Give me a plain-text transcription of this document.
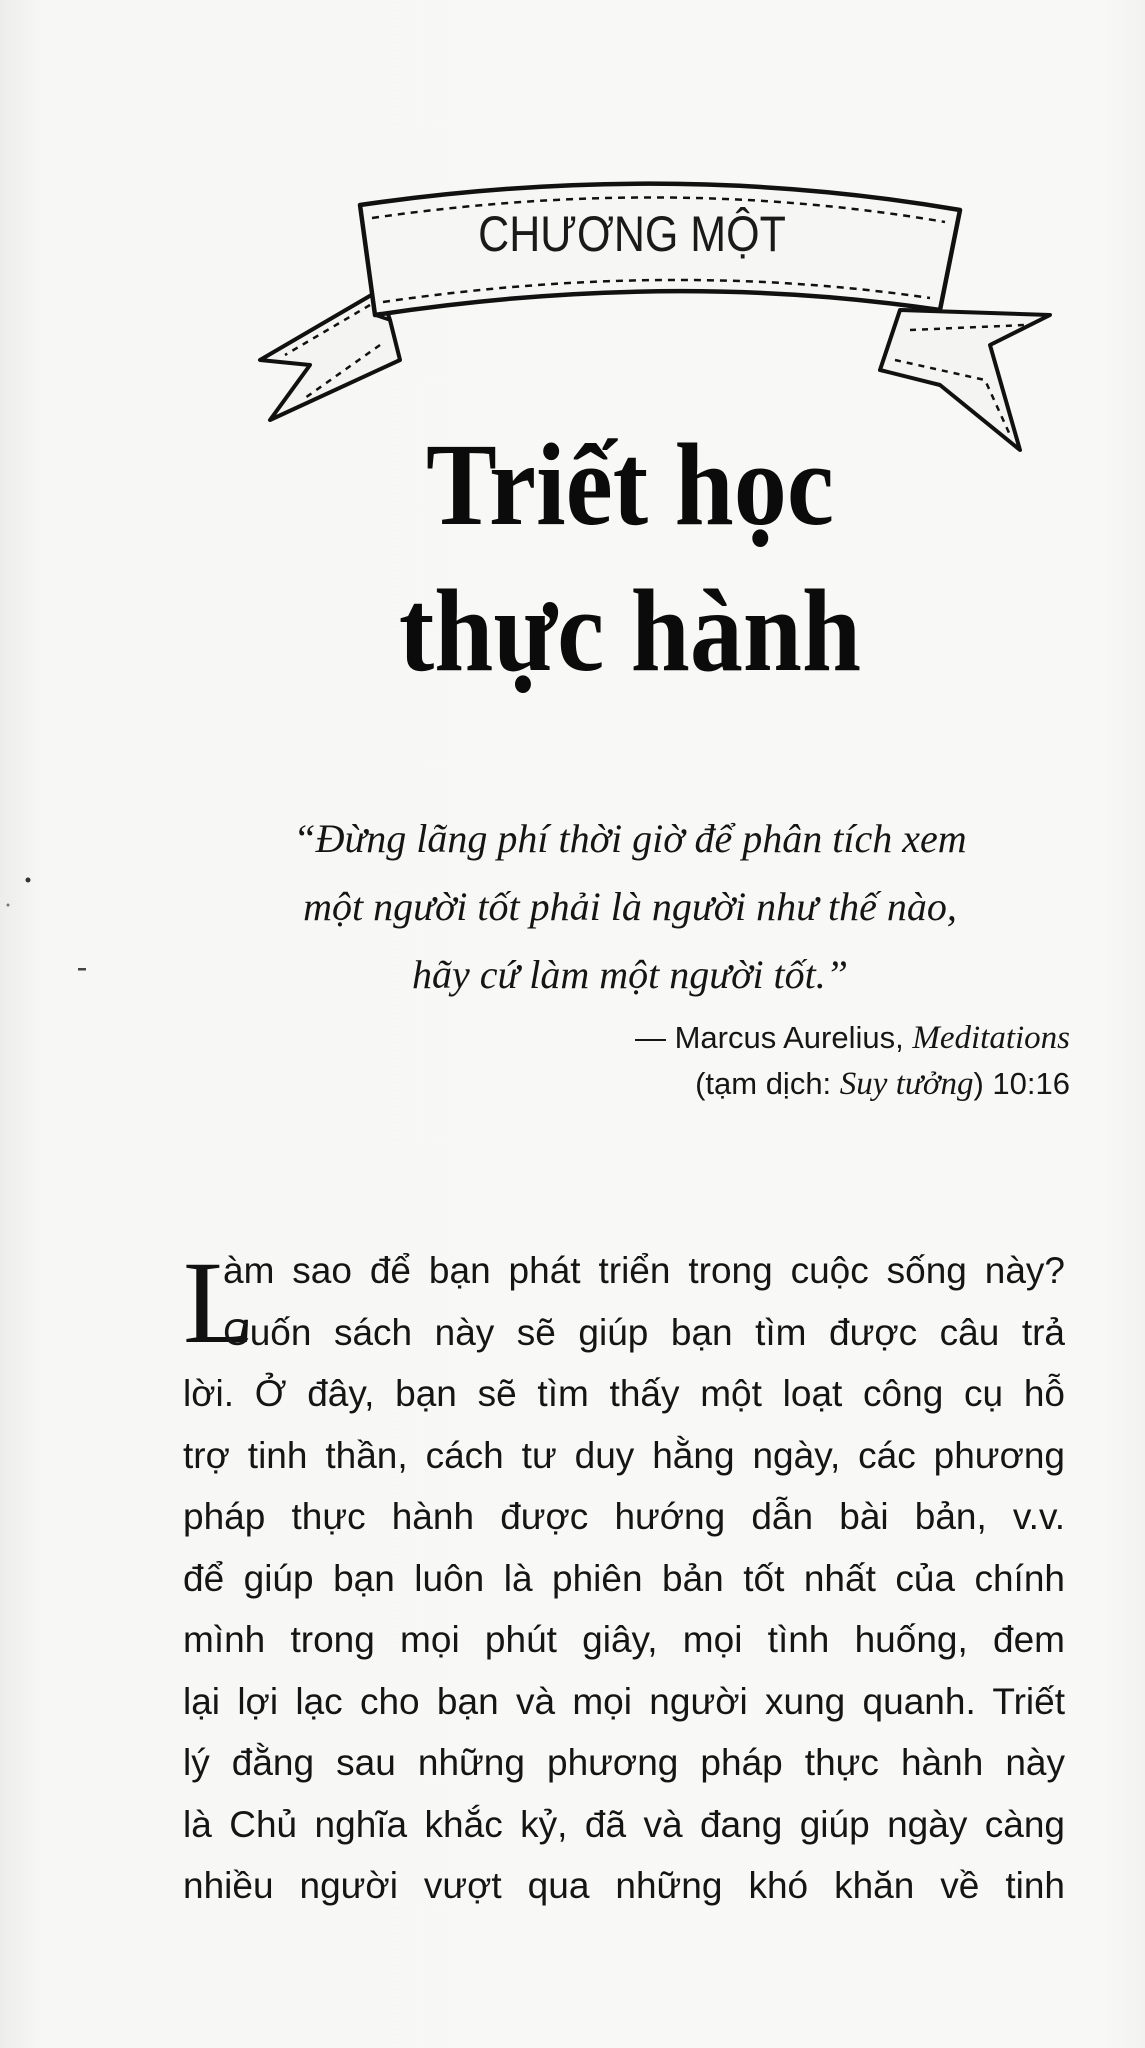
CHƯƠNG MỘT
Triết học
thực hành
“Đừng lãng phí thời giờ để phân tích xem
một người tốt phải là người như thế nào,
hãy cứ làm một người tốt.”
— Marcus Aurelius, Meditations
(tạm dịch: Suy tưởng) 10:16
L
àm sao để bạn phát triển trong cuộc sống này?
Cuốn sách này sẽ giúp bạn tìm được câu trả
lời. Ở đây, bạn sẽ tìm thấy một loạt công cụ hỗ
trợ tinh thần, cách tư duy hằng ngày, các phương
pháp thực hành được hướng dẫn bài bản, v.v.
để giúp bạn luôn là phiên bản tốt nhất của chính
mình trong mọi phút giây, mọi tình huống, đem
lại lợi lạc cho bạn và mọi người xung quanh. Triết
lý đằng sau những phương pháp thực hành này
là Chủ nghĩa khắc kỷ, đã và đang giúp ngày càng
nhiều người vượt qua những khó khăn về tinh
